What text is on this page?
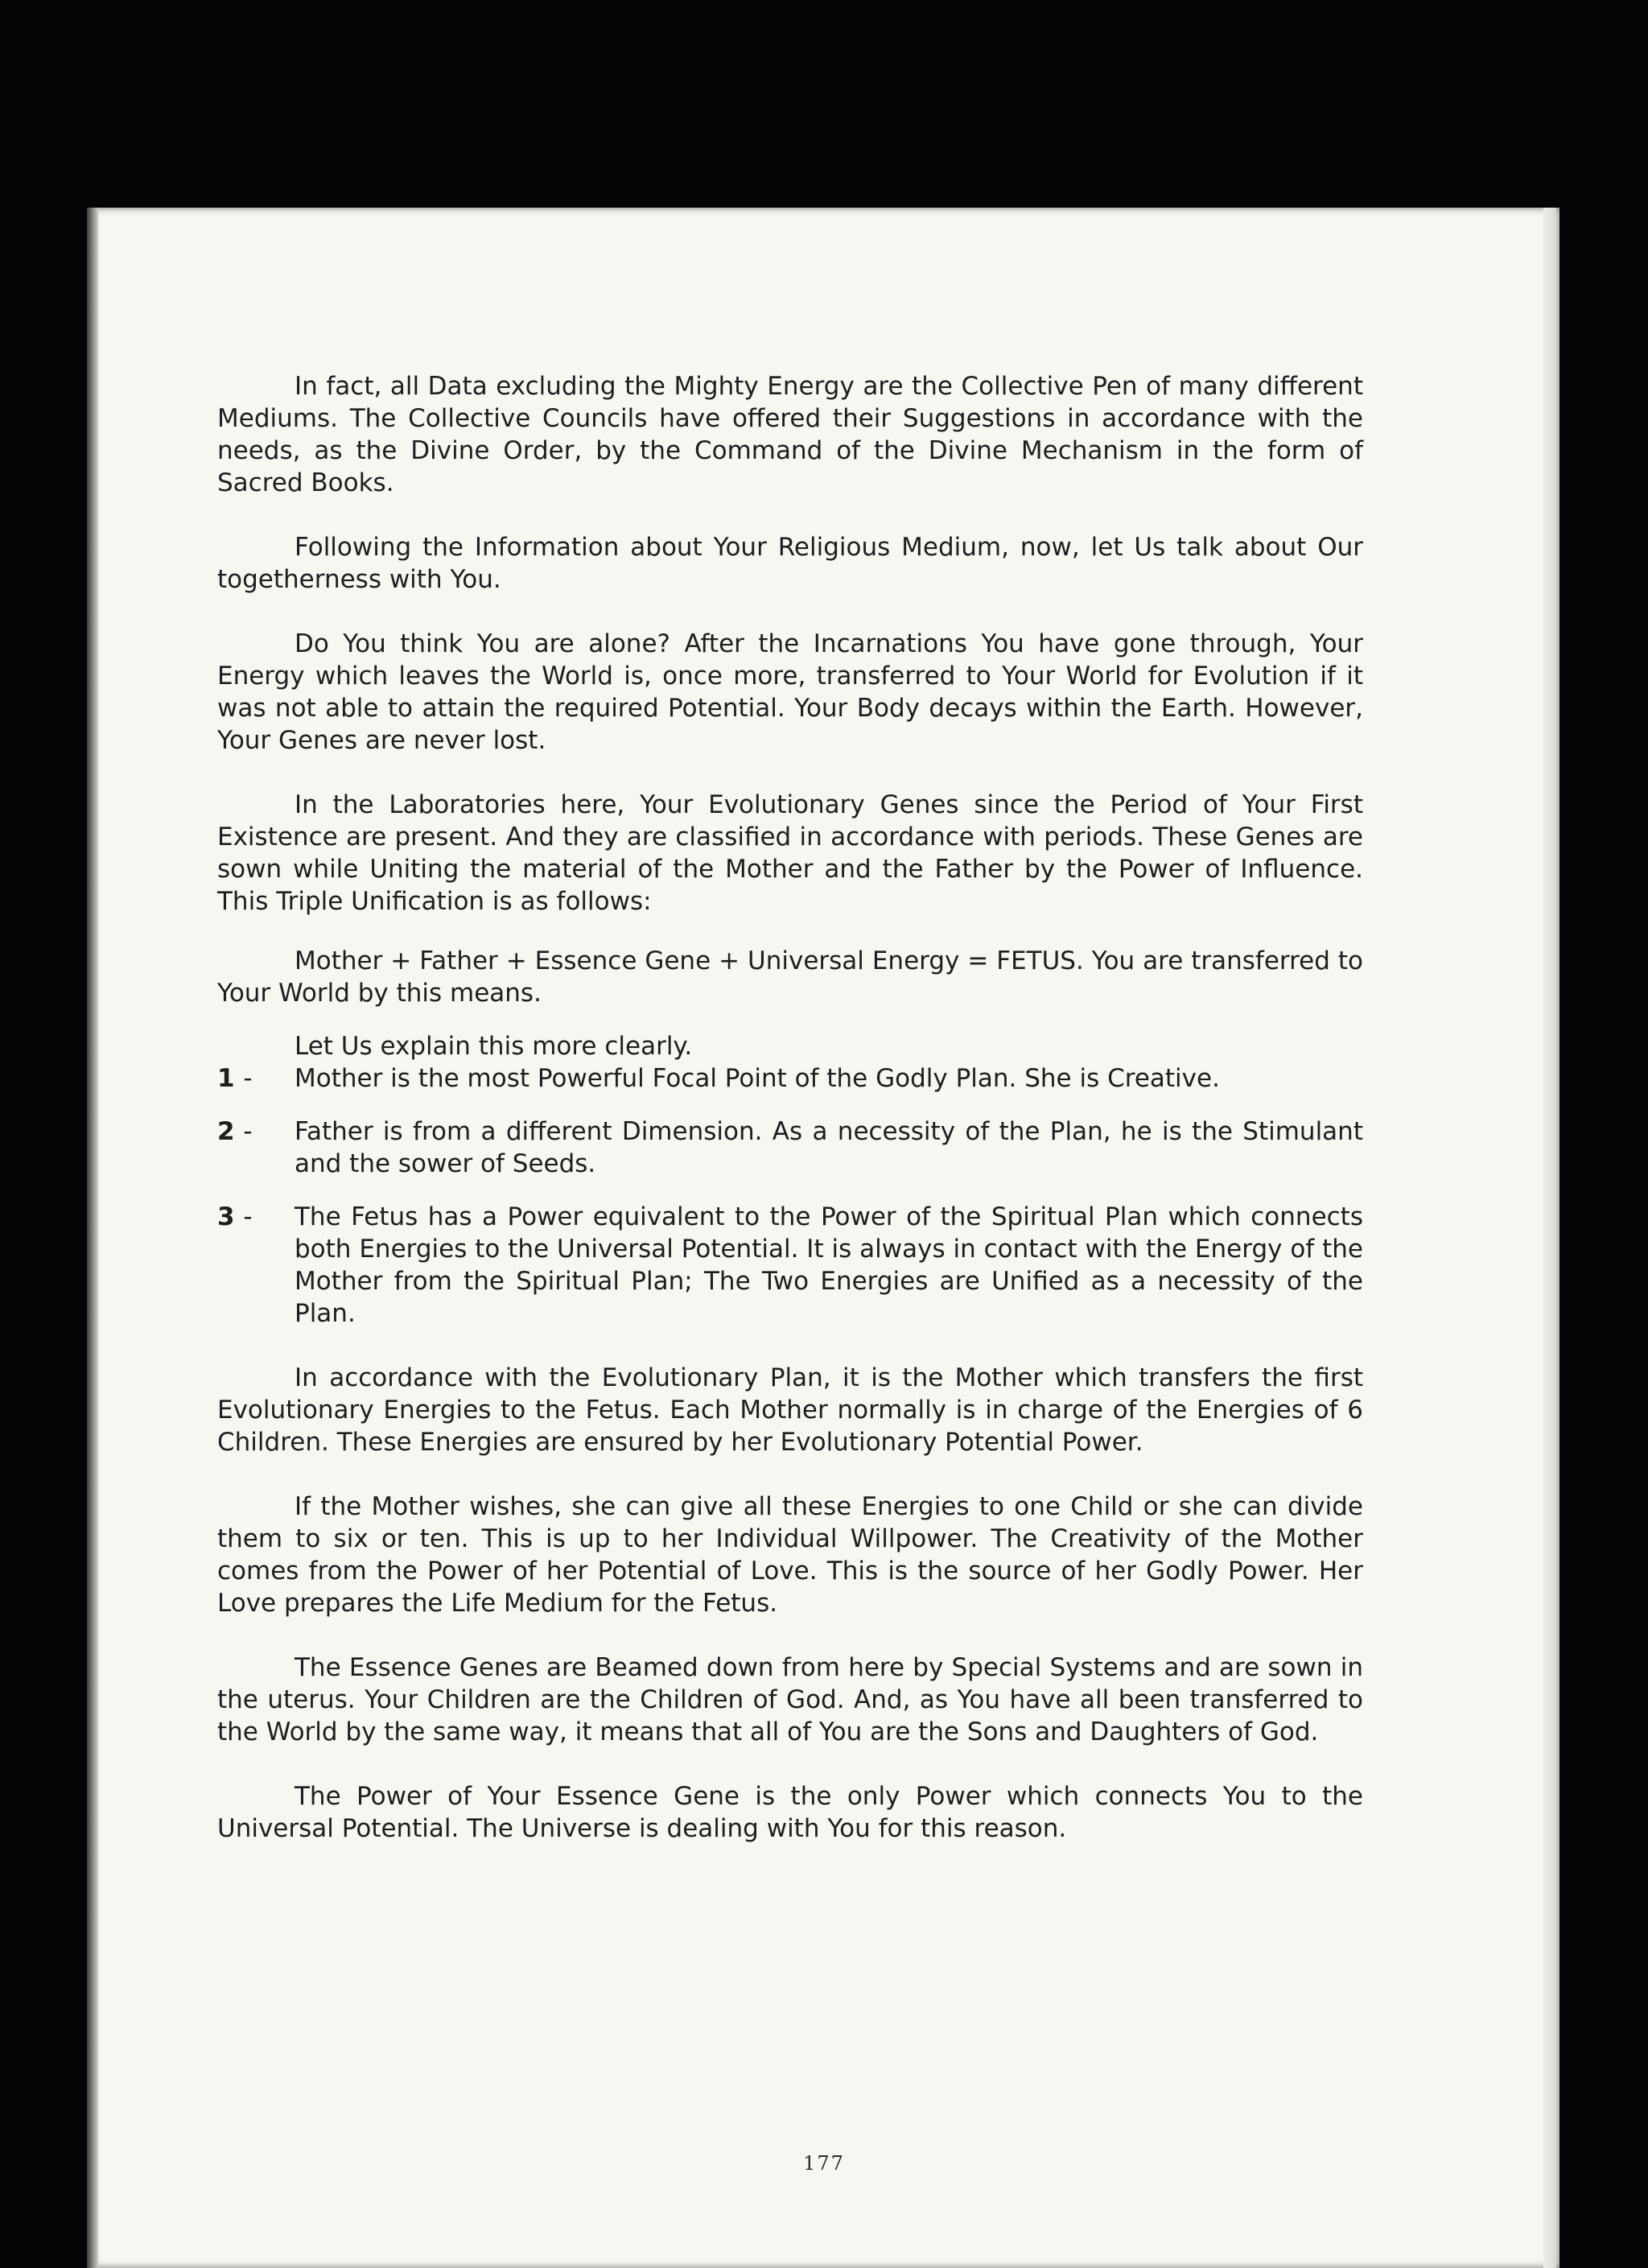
In fact, all Data excluding the Mighty Energy are the Collective Pen of many different Mediums. The Collective Councils have offered their Suggestions in accordance with the needs, as the Divine Order, by the Command of the Divine Mechanism in the form of Sacred Books.

Following the Information about Your Religious Medium, now, let Us talk about Our togetherness with You.

Do You think You are alone? After the Incarnations You have gone through, Your Energy which leaves the World is, once more, transferred to Your World for Evolution if it was not able to attain the required Potential. Your Body decays within the Earth. However, Your Genes are never lost.

In the Laboratories here, Your Evolutionary Genes since the Period of Your First Existence are present. And they are classified in accordance with periods. These Genes are sown while Uniting the material of the Mother and the Father by the Power of Influence. This Triple Unification is as follows:

Mother + Father + Essence Gene + Universal Energy = FETUS. You are transferred to Your World by this means.

Let Us explain this more clearly.

1 -	Mother is the most Powerful Focal Point of the Godly Plan. She is Creative.
2 -	Father is from a different Dimension. As a necessity of the Plan, he is the Stimulant and the sower of Seeds.
3 -	The Fetus has a Power equivalent to the Power of the Spiritual Plan which connects both Energies to the Universal Potential. It is always in contact with the Energy of the Mother from the Spiritual Plan; The Two Energies are Unified as a necessity of the Plan.

In accordance with the Evolutionary Plan, it is the Mother which transfers the first Evolutionary Energies to the Fetus. Each Mother normally is in charge of the Energies of 6 Children. These Energies are ensured by her Evolutionary Potential Power.

If the Mother wishes, she can give all these Energies to one Child or she can divide them to six or ten. This is up to her Individual Willpower. The Creativity of the Mother comes from the Power of her Potential of Love. This is the source of her Godly Power. Her Love prepares the Life Medium for the Fetus.

The Essence Genes are Beamed down from here by Special Systems and are sown in the uterus. Your Children are the Children of God. And, as You have all been transferred to the World by the same way, it means that all of You are the Sons and Daughters of God.

The Power of Your Essence Gene is the only Power which connects You to the Universal Potential. The Universe is dealing with You for this reason.

177
